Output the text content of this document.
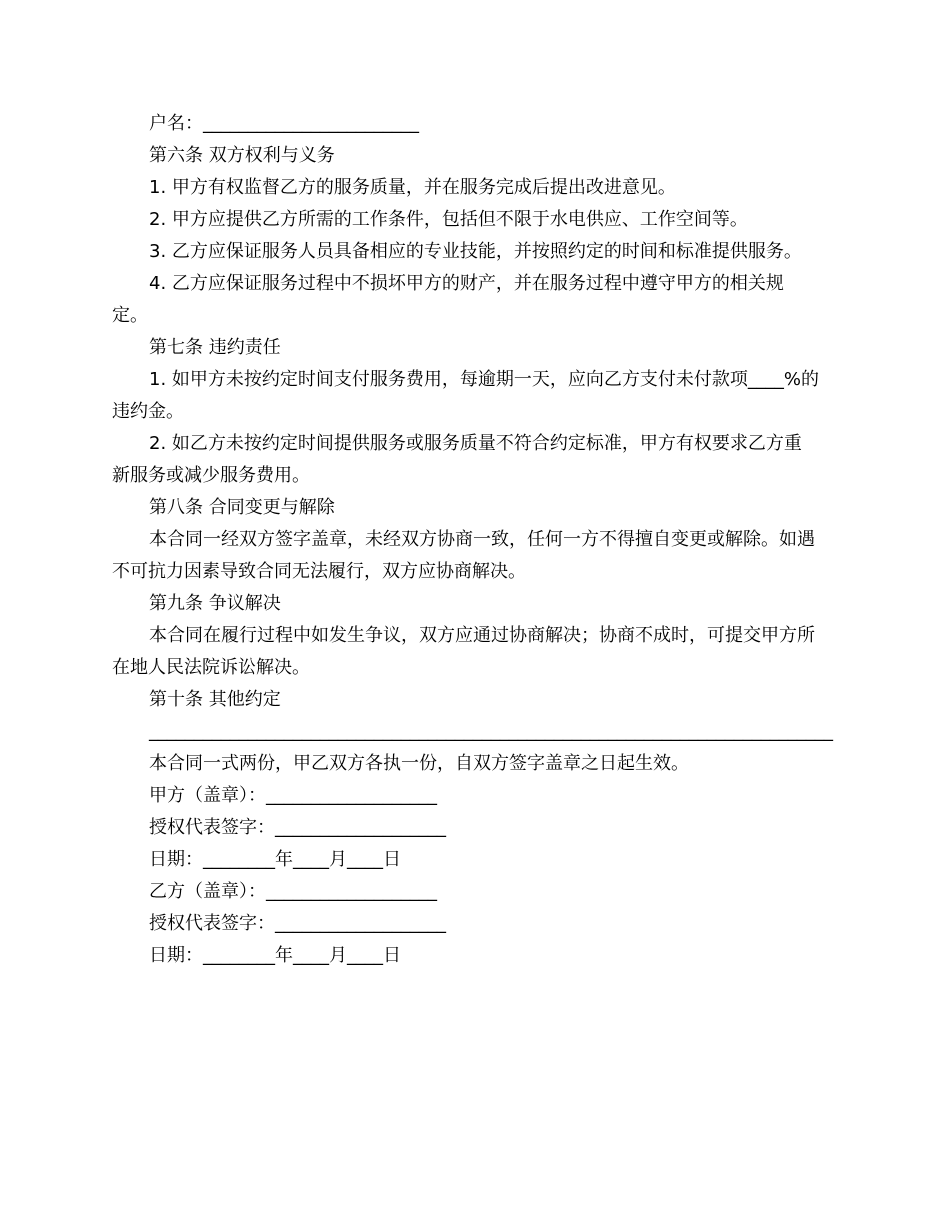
户名：________________________
第六条 双方权利与义务
1. 甲方有权监督乙方的服务质量，并在服务完成后提出改进意见。
2. 甲方应提供乙方所需的工作条件，包括但不限于水电供应、工作空间等。
3. 乙方应保证服务人员具备相应的专业技能，并按照约定的时间和标准提供服务。
4. 乙方应保证服务过程中不损坏甲方的财产，并在服务过程中遵守甲方的相关规
定。
第七条 违约责任
1. 如甲方未按约定时间支付服务费用，每逾期一天，应向乙方支付未付款项____%的
违约金。
2. 如乙方未按约定时间提供服务或服务质量不符合约定标准，甲方有权要求乙方重
新服务或减少服务费用。
第八条 合同变更与解除
本合同一经双方签字盖章，未经双方协商一致，任何一方不得擅自变更或解除。如遇
不可抗力因素导致合同无法履行，双方应协商解决。
第九条 争议解决
本合同在履行过程中如发生争议，双方应通过协商解决；协商不成时，可提交甲方所
在地人民法院诉讼解决。
第十条 其他约定
____________________________________________________________________________
本合同一式两份，甲乙双方各执一份，自双方签字盖章之日起生效。
甲方（盖章）：___________________
授权代表签字：___________________
日期：________年____月____日
乙方（盖章）：___________________
授权代表签字：___________________
日期：________年____月____日
